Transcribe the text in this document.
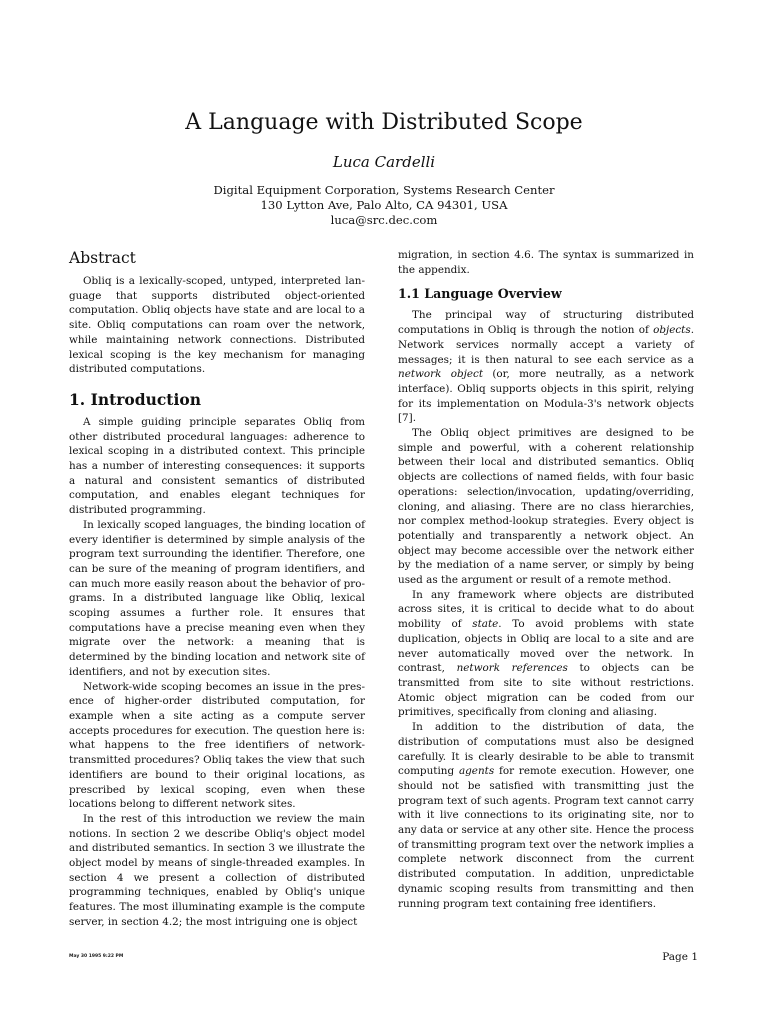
A Language with Distributed Scope
Luca Cardelli
Digital Equipment Corporation, Systems Research Center
130 Lytton Ave, Palo Alto, CA 94301, USA
luca@src.dec.com
Abstract

Obliq is a lexically-scoped, untyped, interpreted language that supports distributed object-oriented computation. Obliq objects have state and are local to a site. Obliq computations can roam over the network, while maintaining network connections. Distributed lexical scoping is the key mechanism for managing distributed computations.

1. Introduction

A simple guiding principle separates Obliq from other distributed procedural languages: adherence to lexical scoping in a distributed context. This principle has a number of interesting consequences: it supports a natural and consistent semantics of distributed computation, and enables elegant techniques for distributed programming.

In lexically scoped languages, the binding location of every identifier is determined by simple analysis of the program text surrounding the identifier. Therefore, one can be sure of the meaning of program identifiers, and can much more easily reason about the behavior of programs. In a distributed language like Obliq, lexical scoping assumes a further role. It ensures that computations have a precise meaning even when they migrate over the network: a meaning that is determined by the binding location and network site of identifiers, and not by execution sites.

Network-wide scoping becomes an issue in the presence of higher-order distributed computation, for example when a site acting as a compute server accepts procedures for execution. The question here is: what happens to the free identifiers of network-transmitted procedures? Obliq takes the view that such identifiers are bound to their original locations, as prescribed by lexical scoping, even when these locations belong to different network sites.

In the rest of this introduction we review the main notions. In section 2 we describe Obliq's object model and distributed semantics. In section 3 we illustrate the object model by means of single-threaded examples. In section 4 we present a collection of distributed programming techniques, enabled by Obliq's unique features. The most illuminating example is the compute server, in section 4.2; the most intriguing one is object

migration, in section 4.6. The syntax is summarized in the appendix.

1.1 Language Overview

The principal way of structuring distributed computations in Obliq is through the notion of objects. Network services normally accept a variety of messages; it is then natural to see each service as a network object (or, more neutrally, as a network interface). Obliq supports objects in this spirit, relying for its implementation on Modula-3's network objects [7].

The Obliq object primitives are designed to be simple and powerful, with a coherent relationship between their local and distributed semantics. Obliq objects are collections of named fields, with four basic operations: selection/invocation, updating/overriding, cloning, and aliasing. There are no class hierarchies, nor complex method-lookup strategies. Every object is potentially and transparently a network object. An object may become accessible over the network either by the mediation of a name server, or simply by being used as the argument or result of a remote method.

In any framework where objects are distributed across sites, it is critical to decide what to do about mobility of state. To avoid problems with state duplication, objects in Obliq are local to a site and are never automatically moved over the network. In contrast, network references to objects can be transmitted from site to site without restrictions. Atomic object migration can be coded from our primitives, specifically from cloning and aliasing.

In addition to the distribution of data, the distribution of computations must also be designed carefully. It is clearly desirable to be able to transmit computing agents for remote execution. However, one should not be satisfied with transmitting just the program text of such agents. Program text cannot carry with it live connections to its originating site, nor to any data or service at any other site. Hence the process of transmitting program text over the network implies a complete network disconnect from the current distributed computation. In addition, unpredictable dynamic scoping results from transmitting and then running program text containing free identifiers.

May 30 1995 9:22 PM	Page 1
